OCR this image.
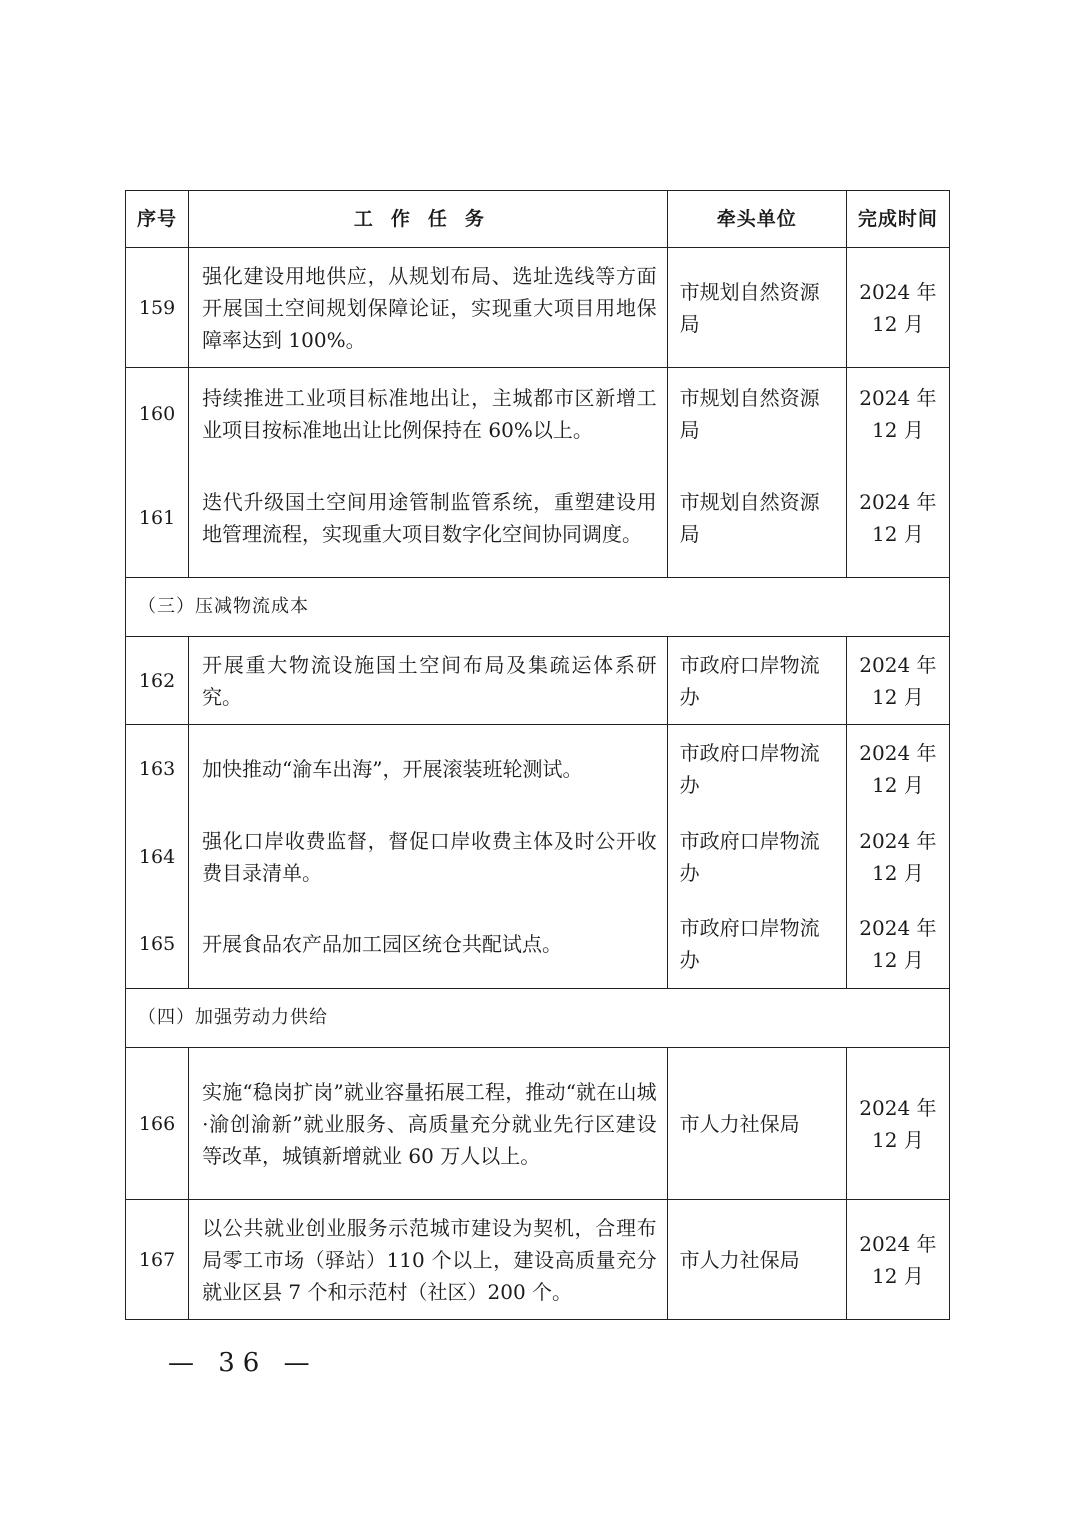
序号	工作任务	牵头单位	完成时间
159	强化建设用地供应，从规划布局、选址选线等方面开展国土空间规划保障论证，实现重大项目用地保障率达到 100%。	市规划自然资源局	2024 年 12 月
160	持续推进工业项目标准地出让，主城都市区新增工业项目按标准地出让比例保持在 60%以上。	市规划自然资源局	2024 年 12 月
161	迭代升级国土空间用途管制监管系统，重塑建设用地管理流程，实现重大项目数字化空间协同调度。	市规划自然资源局	2024 年 12 月
（三）压减物流成本			
162	开展重大物流设施国土空间布局及集疏运体系研究。	市政府口岸物流办	2024 年 12 月
163	加快推动“渝车出海”，开展滚装班轮测试。	市政府口岸物流办	2024 年 12 月
164	强化口岸收费监督，督促口岸收费主体及时公开收费目录清单。	市政府口岸物流办	2024 年 12 月
165	开展食品农产品加工园区统仓共配试点。	市政府口岸物流办	2024 年 12 月
（四）加强劳动力供给			
166	实施“稳岗扩岗”就业容量拓展工程，推动“就在山城·渝创渝新”就业服务、高质量充分就业先行区建设等改革，城镇新增就业 60 万人以上。	市人力社保局	2024 年 12 月
167	以公共就业创业服务示范城市建设为契机，合理布局零工市场（驿站）110 个以上，建设高质量充分就业区县 7 个和示范村（社区）200 个。	市人力社保局	2024 年 12 月
— 36 —
